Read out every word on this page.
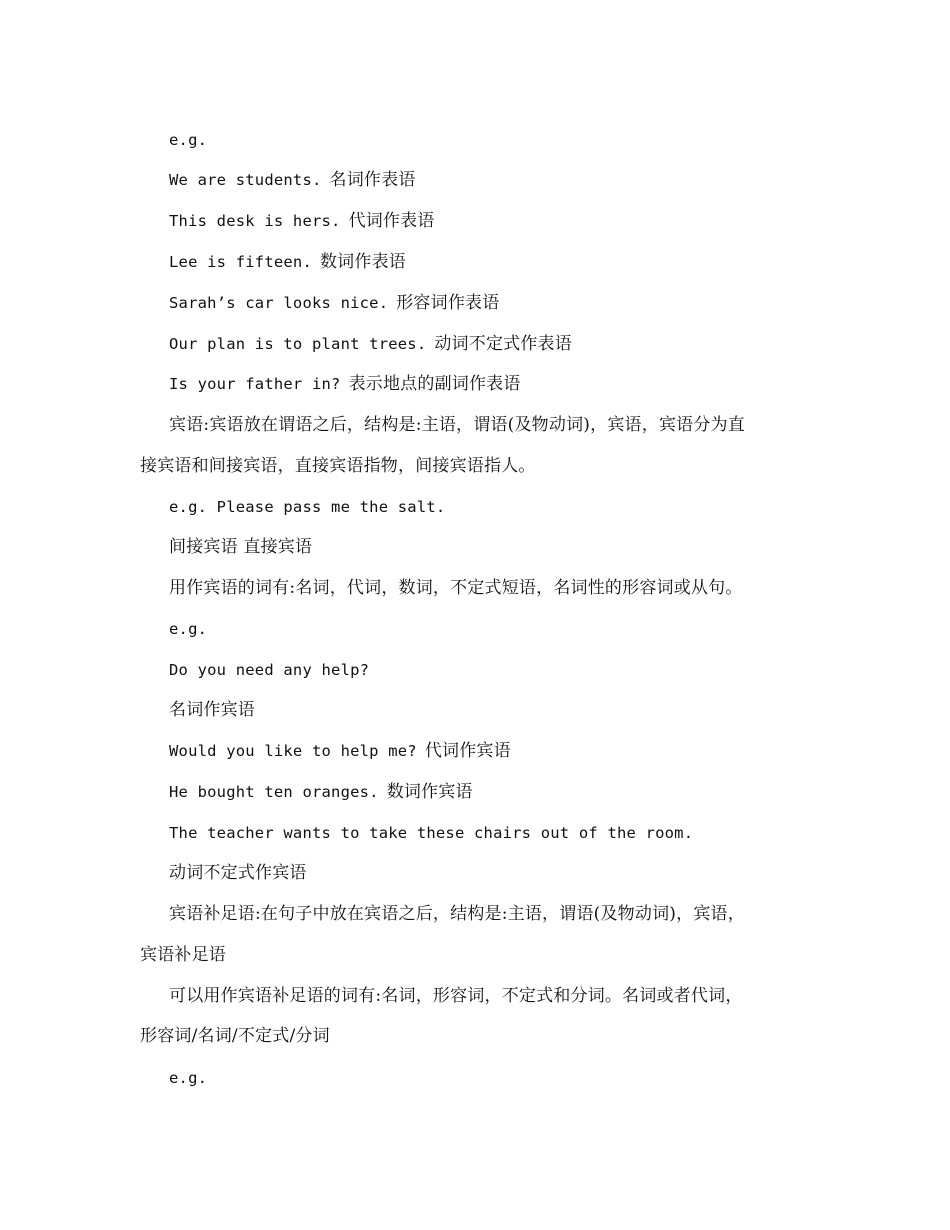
e.g.
We are students. 名词作表语
This desk is hers. 代词作表语
Lee is fifteen. 数词作表语
Sarah’s car looks nice. 形容词作表语
Our plan is to plant trees. 动词不定式作表语
Is your father in? 表示地点的副词作表语
宾语:宾语放在谓语之后，结构是:主语，谓语(及物动词)，宾语，宾语分为直
接宾语和间接宾语，直接宾语指物，间接宾语指人。
e.g. Please pass me the salt.
间接宾语 直接宾语
用作宾语的词有:名词，代词，数词，不定式短语，名词性的形容词或从句。
e.g.
Do you need any help?
名词作宾语
Would you like to help me? 代词作宾语
He bought ten oranges. 数词作宾语
The teacher wants to take these chairs out of the room.
动词不定式作宾语
宾语补足语:在句子中放在宾语之后，结构是:主语，谓语(及物动词)，宾语，
宾语补足语
可以用作宾语补足语的词有:名词，形容词，不定式和分词。名词或者代词，
形容词/名词/不定式/分词
e.g.
